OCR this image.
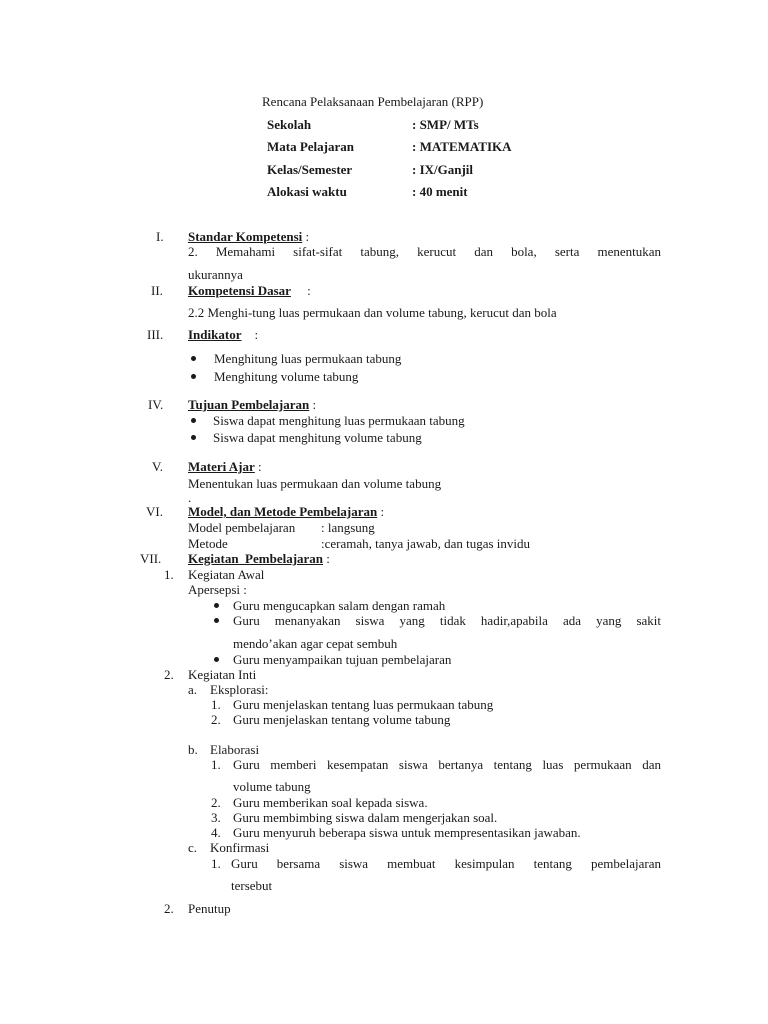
Rencana Pelaksanaan Pembelajaran (RPP)
Sekolah	: SMP/ MTs
Mata Pelajaran	: MATEMATIKA
Kelas/Semester	: IX/Ganjil
Alokasi waktu	: 40 menit
I. Standar Kompetensi :
2. Memahami sifat-sifat tabung, kerucut dan bola, serta menentukan
ukurannya
II. Kompetensi Dasar     :
2.2 Menghi-tung luas permukaan dan volume tabung, kerucut dan bola
III. Indikator    :
Menghitung luas permukaan tabung
Menghitung volume tabung
IV. Tujuan Pembelajaran :
Siswa dapat menghitung luas permukaan tabung
Siswa dapat menghitung volume tabung
V. Materi Ajar :
Menentukan luas permukaan dan volume tabung
.
VI. Model, dan Metode Pembelajaran :
Model pembelajaran : langsung
Metode	:ceramah, tanya jawab, dan tugas invidu
VII. Kegiatan  Pembelajaran :
1. Kegiatan Awal
Apersepsi :
Guru mengucapkan salam dengan ramah
Guru menanyakan siswa yang tidak hadir,apabila ada yang sakit
mendo’akan agar cepat sembuh
Guru menyampaikan tujuan pembelajaran
2. Kegiatan Inti
a. Eksplorasi:
1. Guru menjelaskan tentang luas permukaan tabung
2. Guru menjelaskan tentang volume tabung
b. Elaborasi
1. Guru memberi kesempatan siswa bertanya tentang luas permukaan dan
volume tabung
2. Guru memberikan soal kepada siswa.
3. Guru membimbing siswa dalam mengerjakan soal.
4. Guru menyuruh beberapa siswa untuk mempresentasikan jawaban.
c. Konfirmasi
1. Guru bersama siswa membuat kesimpulan tentang pembelajaran
tersebut
2. Penutup
